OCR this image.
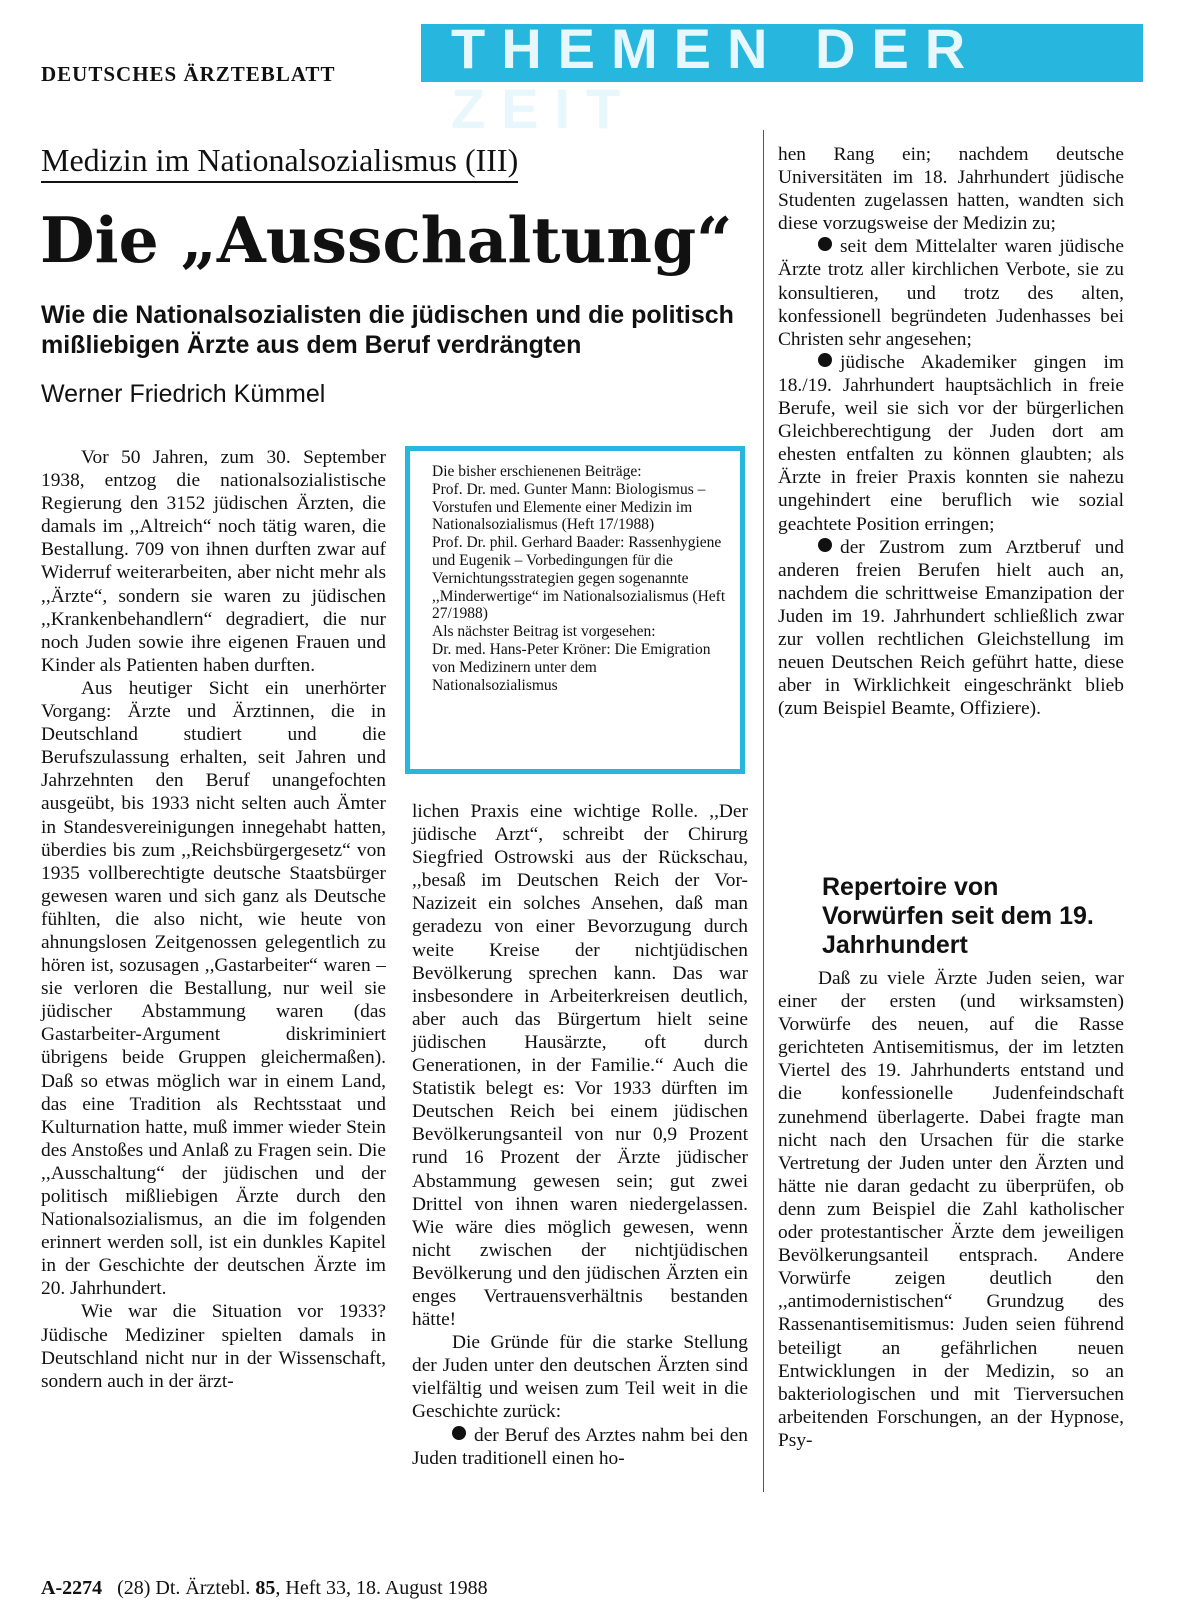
DEUTSCHES ÄRZTEBLATT THEMEN DER ZEIT
Medizin im Nationalsozialismus (III)
Die „Ausschaltung“
Wie die Nationalsozialisten die jüdischen und die politisch mißliebigen Ärzte aus dem Beruf verdrängten
Werner Friedrich Kümmel

Vor 50 Jahren, zum 30. September 1938, entzog die nationalsozialistische Regierung den 3152 jüdischen Ärzten, die damals im ,,Altreich“ noch tätig waren, die Bestallung. 709 von ihnen durften zwar auf Widerruf weiterarbeiten, aber nicht mehr als ,,Ärzte“, sondern sie waren zu jüdischen ,,Krankenbehandlern“ degradiert, die nur noch Juden sowie ihre eigenen Frauen und Kinder als Patienten haben durften.

Aus heutiger Sicht ein unerhörter Vorgang: Ärzte und Ärztinnen, die in Deutschland studiert und die Berufszulassung erhalten, seit Jahren und Jahrzehnten den Beruf unangefochten ausgeübt, bis 1933 nicht selten auch Ämter in Standesvereinigungen innegehabt hatten, überdies bis zum ,,Reichsbürgergesetz“ von 1935 vollberechtigte deutsche Staatsbürger gewesen waren und sich ganz als Deutsche fühlten, die also nicht, wie heute von ahnungslosen Zeitgenossen gelegentlich zu hören ist, sozusagen ,,Gastarbeiter“ waren – sie verloren die Bestallung, nur weil sie jüdischer Abstammung waren (das Gastarbeiter-Argument diskriminiert übrigens beide Gruppen gleichermaßen). Daß so etwas möglich war in einem Land, das eine Tradition als Rechtsstaat und Kulturnation hatte, muß immer wieder Stein des Anstoßes und Anlaß zu Fragen sein. Die ,,Ausschaltung“ der jüdischen und der politisch mißliebigen Ärzte durch den Nationalsozialismus, an die im folgenden erinnert werden soll, ist ein dunkles Kapitel in der Geschichte der deutschen Ärzte im 20. Jahrhundert.

Wie war die Situation vor 1933? Jüdische Mediziner spielten damals in Deutschland nicht nur in der Wissenschaft, sondern auch in der ärzt-

Die bisher erschienenen Beiträge:
Prof. Dr. med. Gunter Mann: Biologismus – Vorstufen und Elemente einer Medizin im Nationalsozialismus (Heft 17/1988)
Prof. Dr. phil. Gerhard Baader: Rassenhygiene und Eugenik – Vorbedingungen für die Vernichtungsstrategien gegen sogenannte ,,Minderwertige“ im Nationalsozialismus (Heft 27/1988)
Als nächster Beitrag ist vorgesehen:
Dr. med. Hans-Peter Kröner: Die Emigration von Medizinern unter dem Nationalsozialismus

lichen Praxis eine wichtige Rolle. ,,Der jüdische Arzt“, schreibt der Chirurg Siegfried Ostrowski aus der Rückschau, ,,besaß im Deutschen Reich der Vor-Nazizeit ein solches Ansehen, daß man geradezu von einer Bevorzugung durch weite Kreise der nichtjüdischen Bevölkerung sprechen kann. Das war insbesondere in Arbeiterkreisen deutlich, aber auch das Bürgertum hielt seine jüdischen Hausärzte, oft durch Generationen, in der Familie.“ Auch die Statistik belegt es: Vor 1933 dürften im Deutschen Reich bei einem jüdischen Bevölkerungsanteil von nur 0,9 Prozent rund 16 Prozent der Ärzte jüdischer Abstammung gewesen sein; gut zwei Drittel von ihnen waren niedergelassen. Wie wäre dies möglich gewesen, wenn nicht zwischen der nichtjüdischen Bevölkerung und den jüdischen Ärzten ein enges Vertrauensverhältnis bestanden hätte!

Die Gründe für die starke Stellung der Juden unter den deutschen Ärzten sind vielfältig und weisen zum Teil weit in die Geschichte zurück:

der Beruf des Arztes nahm bei den Juden traditionell einen ho-

hen Rang ein; nachdem deutsche Universitäten im 18. Jahrhundert jüdische Studenten zugelassen hatten, wandten sich diese vorzugsweise der Medizin zu;

seit dem Mittelalter waren jüdische Ärzte trotz aller kirchlichen Verbote, sie zu konsultieren, und trotz des alten, konfessionell begründeten Judenhasses bei Christen sehr angesehen;

jüdische Akademiker gingen im 18./19. Jahrhundert hauptsächlich in freie Berufe, weil sie sich vor der bürgerlichen Gleichberechtigung der Juden dort am ehesten entfalten zu können glaubten; als Ärzte in freier Praxis konnten sie nahezu ungehindert eine beruflich wie sozial geachtete Position erringen;

der Zustrom zum Arztberuf und anderen freien Berufen hielt auch an, nachdem die schrittweise Emanzipation der Juden im 19. Jahrhundert schließlich zwar zur vollen rechtlichen Gleichstellung im neuen Deutschen Reich geführt hatte, diese aber in Wirklichkeit eingeschränkt blieb (zum Beispiel Beamte, Offiziere).

Repertoire von Vorwürfen seit dem 19. Jahrhundert

Daß zu viele Ärzte Juden seien, war einer der ersten (und wirksamsten) Vorwürfe des neuen, auf die Rasse gerichteten Antisemitismus, der im letzten Viertel des 19. Jahrhunderts entstand und die konfessionelle Judenfeindschaft zunehmend überlagerte. Dabei fragte man nicht nach den Ursachen für die starke Vertretung der Juden unter den Ärzten und hätte nie daran gedacht zu überprüfen, ob denn zum Beispiel die Zahl katholischer oder protestantischer Ärzte dem jeweiligen Bevölkerungsanteil entsprach. Andere Vorwürfe zeigen deutlich den ,,antimodernistischen“ Grundzug des Rassenantisemitismus: Juden seien führend beteiligt an gefährlichen neuen Entwicklungen in der Medizin, so an bakteriologischen und mit Tierversuchen arbeitenden Forschungen, an der Hypnose, Psy-

A-2274 (28) Dt. Ärztebl. 85, Heft 33, 18. August 1988
